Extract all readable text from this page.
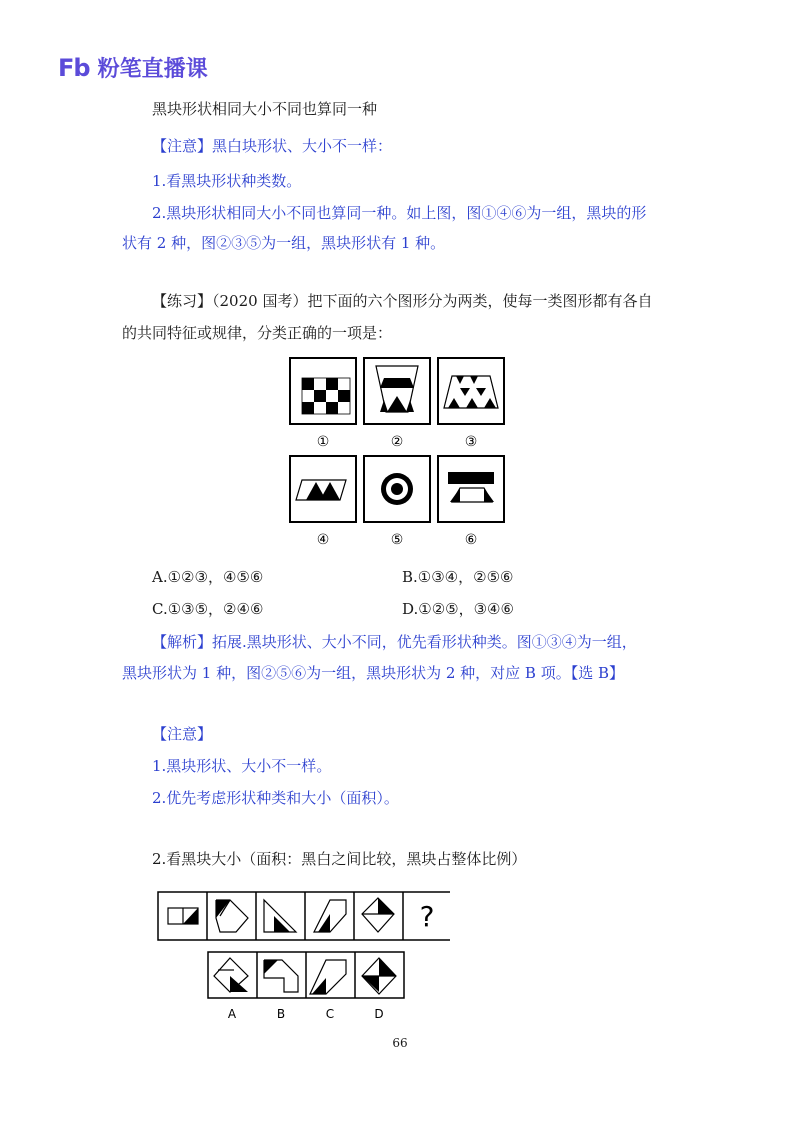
Fb 粉笔直播课
黑块形状相同大小不同也算同一种
【注意】黑白块形状、大小不一样：
1.看黑块形状种类数。
2.黑块形状相同大小不同也算同一种。如上图，图①④⑥为一组，黑块的形
状有 2 种，图②③⑤为一组，黑块形状有 1 种。
【练习】（2020 国考）把下面的六个图形分为两类，使每一类图形都有各自
的共同特征或规律，分类正确的一项是：
①	②	③
④	⑤	⑥
A.①②③，④⑤⑥	B.①③④，②⑤⑥
C.①③⑤，②④⑥	D.①②⑤，③④⑥
【解析】拓展.黑块形状、大小不同，优先看形状种类。图①③④为一组，
黑块形状为 1 种，图②⑤⑥为一组，黑块形状为 2 种，对应 B 项。【选 B】
【注意】
1.黑块形状、大小不一样。
2.优先考虑形状种类和大小（面积）。
2.看黑块大小（面积：黑白之间比较，黑块占整体比例）
?
A	B	C	D
66
